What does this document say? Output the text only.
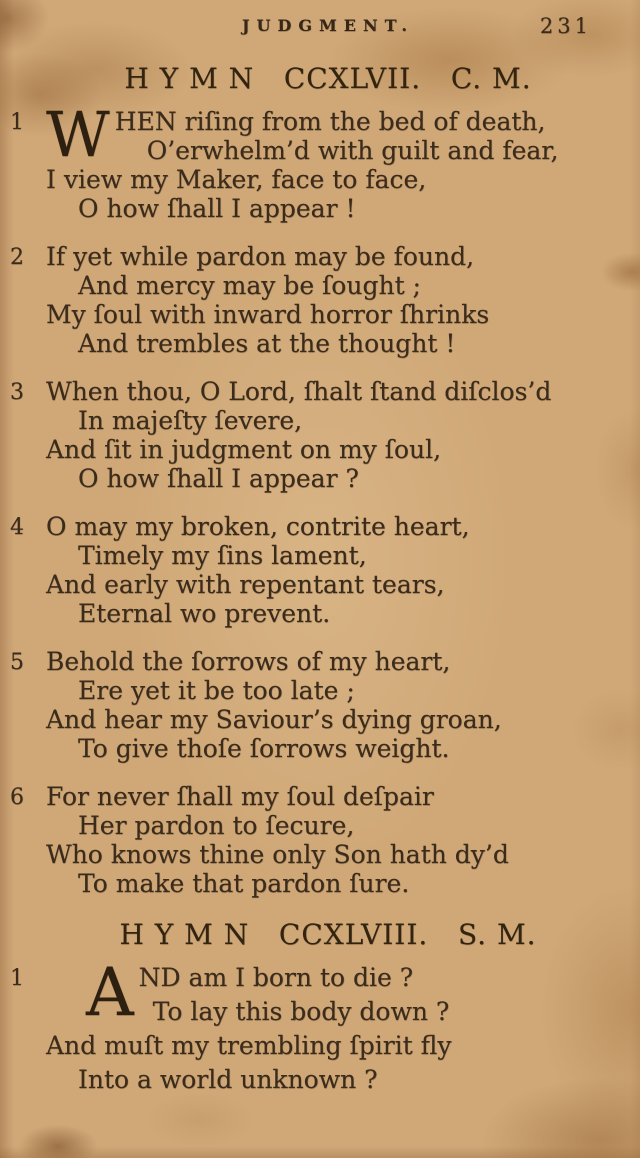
JUDGMENT.	231
H Y M N   CCXLVII.   C. M.
1 W HEN riſing from the bed of death,
O’erwhelm’d with guilt and fear,
I view my Maker, face to face,
O how ſhall I appear !
2 If yet while pardon may be found,
And mercy may be ſought ;
My ſoul with inward horror ſhrinks
And trembles at the thought !
3 When thou, O Lord, ſhalt ſtand diſclos’d
In majeſty ſevere,
And ſit in judgment on my ſoul,
O how ſhall I appear ?
4 O may my broken, contrite heart,
Timely my ſins lament,
And early with repentant tears,
Eternal wo prevent.
5 Behold the ſorrows of my heart,
Ere yet it be too late ;
And hear my Saviour’s dying groan,
To give thoſe ſorrows weight.
6 For never ſhall my ſoul deſpair
Her pardon to ſecure,
Who knows thine only Son hath dy’d
To make that pardon ſure.
H Y M N   CCXLVIII.   S. M.
1 A ND am I born to die ?
To lay this body down ?
And muſt my trembling ſpirit fly
Into a world unknown ?
